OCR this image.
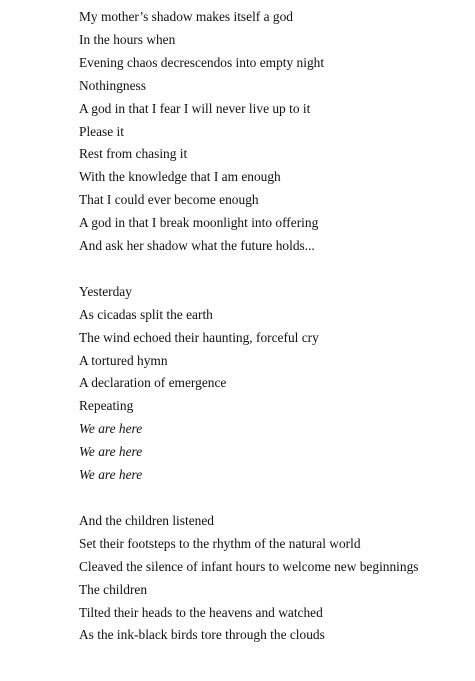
My mother’s shadow makes itself a god
In the hours when
Evening chaos decrescendos into empty night
Nothingness
A god in that I fear I will never live up to it
Please it
Rest from chasing it
With the knowledge that I am enough
That I could ever become enough
A god in that I break moonlight into offering
And ask her shadow what the future holds...
Yesterday
As cicadas split the earth
The wind echoed their haunting, forceful cry
A tortured hymn
A declaration of emergence
Repeating
We are here
We are here
We are here
And the children listened
Set their footsteps to the rhythm of the natural world
Cleaved the silence of infant hours to welcome new beginnings
The children
Tilted their heads to the heavens and watched
As the ink-black birds tore through the clouds
